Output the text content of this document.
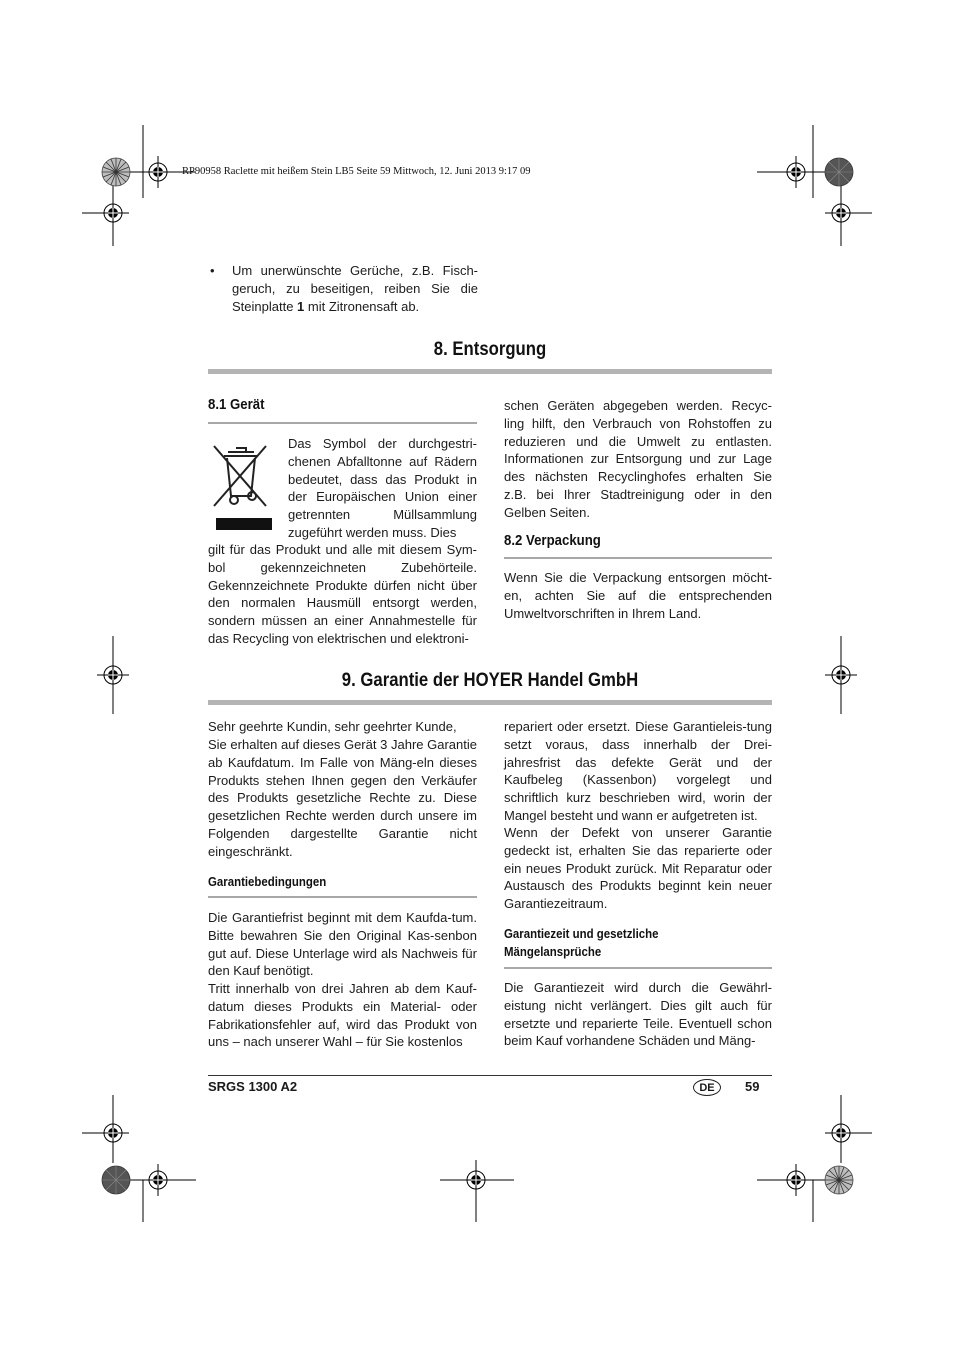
RP90958 Raclette mit heißem Stein LB5 Seite 59 Mittwoch, 12. Juni 2013 9:17 09
• Um unerwünschte Gerüche, z.B. Fisch-geruch, zu beseitigen, reiben Sie die Steinplatte 1 mit Zitronensaft ab.
8. Entsorgung
8.1 Gerät
Das Symbol der durchgestri-chenen Abfalltonne auf Rädern bedeutet, dass das Produkt in der Europäischen Union einer getrennten Müllsammlung zugeführt werden muss. Dies
gilt für das Produkt und alle mit diesem Sym-bol gekennzeichneten Zubehörteile. Gekennzeichnete Produkte dürfen nicht über den normalen Hausmüll entsorgt werden, sondern müssen an einer Annahmestelle für das Recycling von elektrischen und elektroni-
schen Geräten abgegeben werden. Recyc-ling hilft, den Verbrauch von Rohstoffen zu reduzieren und die Umwelt zu entlasten. Informationen zur Entsorgung und zur Lage des nächsten Recyclinghofes erhalten Sie z.B. bei Ihrer Stadtreinigung oder in den Gelben Seiten.
8.2 Verpackung
Wenn Sie die Verpackung entsorgen möcht-en, achten Sie auf die entsprechenden Umweltvorschriften in Ihrem Land.
9. Garantie der HOYER Handel GmbH
Sehr geehrte Kundin, sehr geehrter Kunde,
Sie erhalten auf dieses Gerät 3 Jahre Garantie ab Kaufdatum. Im Falle von Mäng-eln dieses Produkts stehen Ihnen gegen den Verkäufer des Produkts gesetzliche Rechte zu. Diese gesetzlichen Rechte werden durch unsere im Folgenden dargestellte Garantie nicht eingeschränkt.
Garantiebedingungen
Die Garantiefrist beginnt mit dem Kaufda-tum. Bitte bewahren Sie den Original Kas-senbon gut auf. Diese Unterlage wird als Nachweis für den Kauf benötigt.
Tritt innerhalb von drei Jahren ab dem Kauf-datum dieses Produkts ein Material- oder Fabrikationsfehler auf, wird das Produkt von uns – nach unserer Wahl – für Sie kostenlos
repariert oder ersetzt. Diese Garantieleis-tung setzt voraus, dass innerhalb der Drei-jahresfrist das defekte Gerät und der Kaufbeleg (Kassenbon) vorgelegt und schriftlich kurz beschrieben wird, worin der Mangel besteht und wann er aufgetreten ist.
Wenn der Defekt von unserer Garantie gedeckt ist, erhalten Sie das reparierte oder ein neues Produkt zurück. Mit Reparatur oder Austausch des Produkts beginnt kein neuer Garantiezeitraum.
Garantiezeit und gesetzliche
Mängelansprüche
Die Garantiezeit wird durch die Gewährl-eistung nicht verlängert. Dies gilt auch für ersetzte und reparierte Teile. Eventuell schon beim Kauf vorhandene Schäden und Mäng-
SRGS 1300 A2	DE	59
